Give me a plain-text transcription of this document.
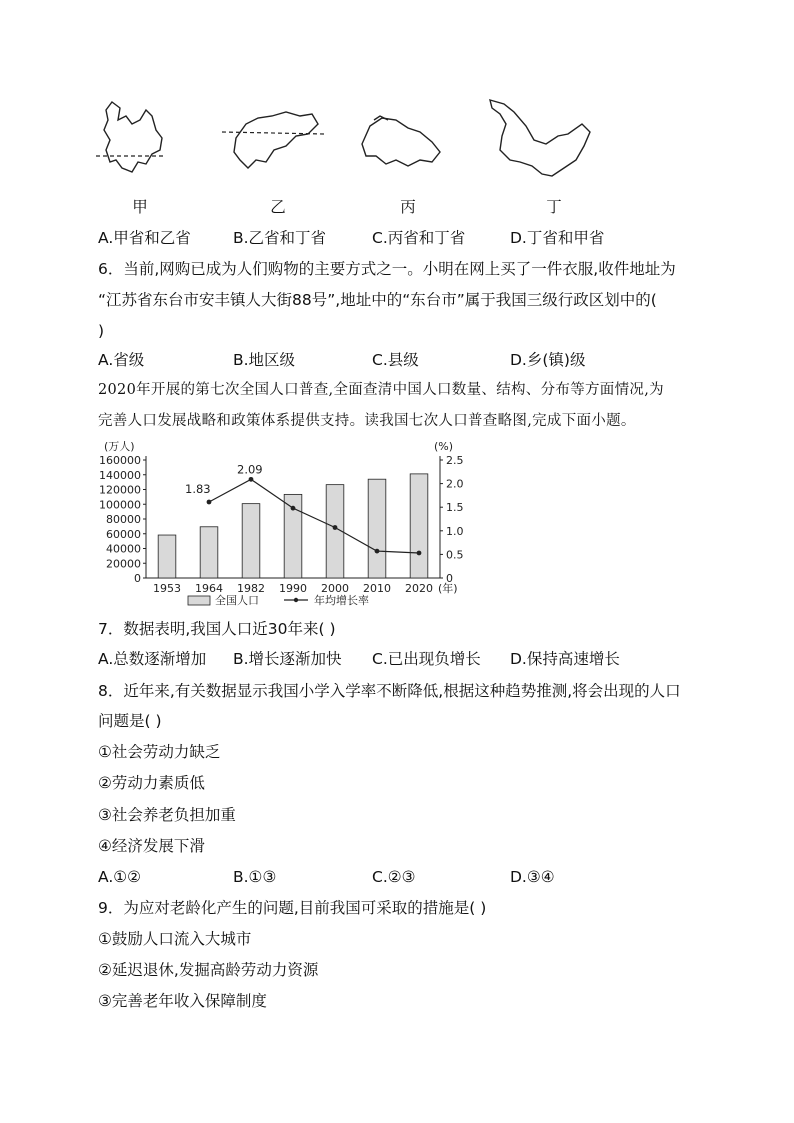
甲	乙	丙	丁
A.甲省和乙省	B.乙省和丁省	C.丙省和丁省	D.丁省和甲省
6．当前,网购已成为人们购物的主要方式之一。小明在网上买了一件衣服,收件地址为
“江苏省东台市安丰镇人大街88号”,地址中的“东台市”属于我国三级行政区划中的(
)
A.省级	B.地区级	C.县级	D.乡(镇)级
2020年开展的第七次全国人口普查,全面查清中国人口数量、结构、分布等方面情况,为
完善人口发展战略和政策体系提供支持。读我国七次人口普查略图,完成下面小题。
(万人)	(%)
160000
140000
120000
100000
80000
60000
40000
20000
0
2.5
2.0
1.5
1.0
0.5
0
1953 1964 1982 1990 2000 2010 2020 (年)
1.83
2.09
全国人口	年均增长率
7．数据表明,我国人口近30年来( )
A.总数逐渐增加 B.增长逐渐加快 C.已出现负增长 D.保持高速增长
8．近年来,有关数据显示我国小学入学率不断降低,根据这种趋势推测,将会出现的人口
问题是( )
①社会劳动力缺乏
②劳动力素质低
③社会养老负担加重
④经济发展下滑
A.①②	B.①③	C.②③	D.③④
9．为应对老龄化产生的问题,目前我国可采取的措施是( )
①鼓励人口流入大城市
②延迟退休,发掘高龄劳动力资源
③完善老年收入保障制度
